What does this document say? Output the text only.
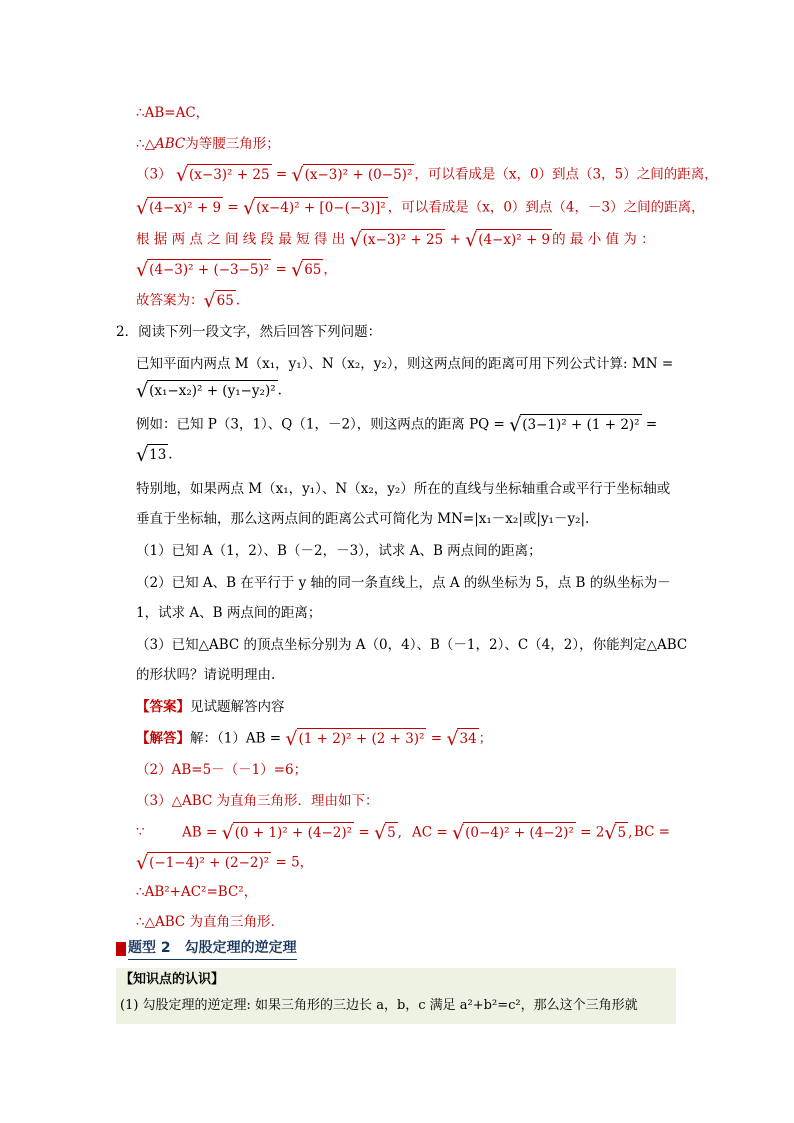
∴AB=AC，
∴△ABC为等腰三角形；
（3） √ (x−3)² + 25 = √ (x−3)² + (0−5)² ，可以看成是（x，0）到点（3，5）之间的距离，
√ (4−x)² + 9 = √ (x−4)² + [0−(−3)]² ，可以看成是（x，0）到点（4，－3）之间的距离，
根 据 两 点 之 间 线 段 最 短 得 出 √ (x−3)² + 25 + √ (4−x)² + 9 的 最 小 值 为 ：
√ (4−3)² + (−3−5)² = √ 65 ，
故答案为： √ 65 .
2．阅读下列一段文字，然后回答下列问题：
已知平面内两点 M（x₁，y₁）、N（x₂，y₂），则这两点间的距离可用下列公式计算: MN =
√ (x₁−x₂)² + (y₁−y₂)² .
例如：已知 P（3，1）、Q（1，－2），则这两点的距离 PQ = √ (3−1)² + (1 + 2)² =
√ 13 .
特别地，如果两点 M（x₁，y₁）、N（x₂，y₂）所在的直线与坐标轴重合或平行于坐标轴或
垂直于坐标轴，那么这两点间的距离公式可简化为 MN=|x₁－x₂|或|y₁－y₂|.
（1）已知 A（1，2）、B（－2，－3），试求 A、B 两点间的距离；
（2）已知 A、B 在平行于 y 轴的同一条直线上，点 A 的纵坐标为 5，点 B 的纵坐标为－
1，试求 A、B 两点间的距离；
（3）已知△ABC 的顶点坐标分别为 A（0，4）、B（－1，2）、C（4，2），你能判定△ABC
的形状吗？请说明理由.
【答案】见试题解答内容
【解答】解：（1）AB = √ (1 + 2)² + (2 + 3)² = √ 34 ；
（2）AB=5－（－1）=6；
（3）△ABC 为直角三角形．理由如下：
∵	AB = √ (0 + 1)² + (4−2)² = √ 5 , AC = √ (0−4)² + (4−2)² = 2 √ 5 , BC =
√ (−1−4)² + (2−2)² = 5，
∴AB²+AC²=BC²，
∴△ABC 为直角三角形.
题型 2　勾股定理的逆定理
【知识点的认识】
(1) 勾股定理的逆定理: 如果三角形的三边长 a，b，c 满足 a²+b²=c²，那么这个三角形就
